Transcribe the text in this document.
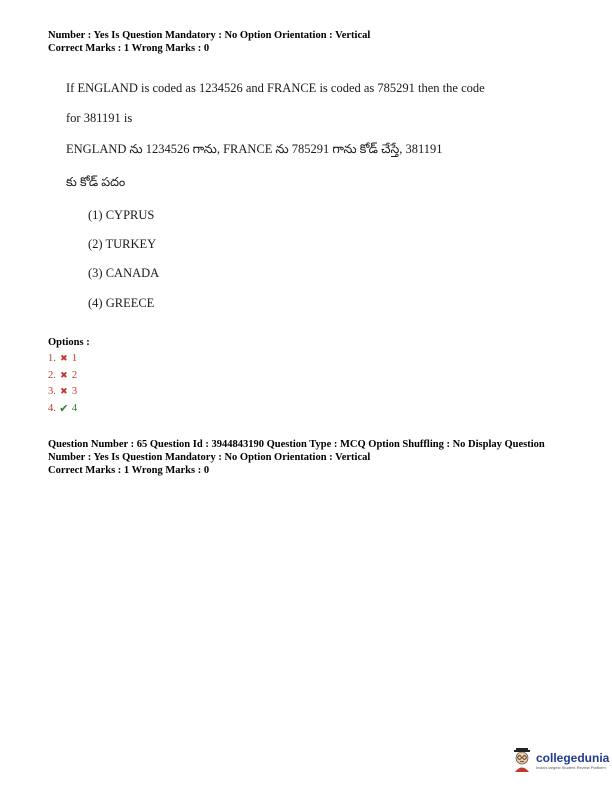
Number : Yes Is Question Mandatory : No Option Orientation : Vertical
Correct Marks : 1 Wrong Marks : 0
If ENGLAND is coded as 1234526 and FRANCE is coded as 785291 then the code
for 381191 is
ENGLAND ను 1234526 గాను, FRANCE ను 785291 గాను కోడ్ చేస్తే, 381191
కు కోడ్ పదం
(1) CYPRUS
(2) TURKEY
(3) CANADA
(4) GREECE
Options :
1. ✖ 1
2. ✖ 2
3. ✖ 3
4. ✔ 4
Question Number : 65 Question Id : 3944843190 Question Type : MCQ Option Shuffling : No Display Question
Number : Yes Is Question Mandatory : No Option Orientation : Vertical
Correct Marks : 1 Wrong Marks : 0
collegedunia
India's largest Student Review Platform
